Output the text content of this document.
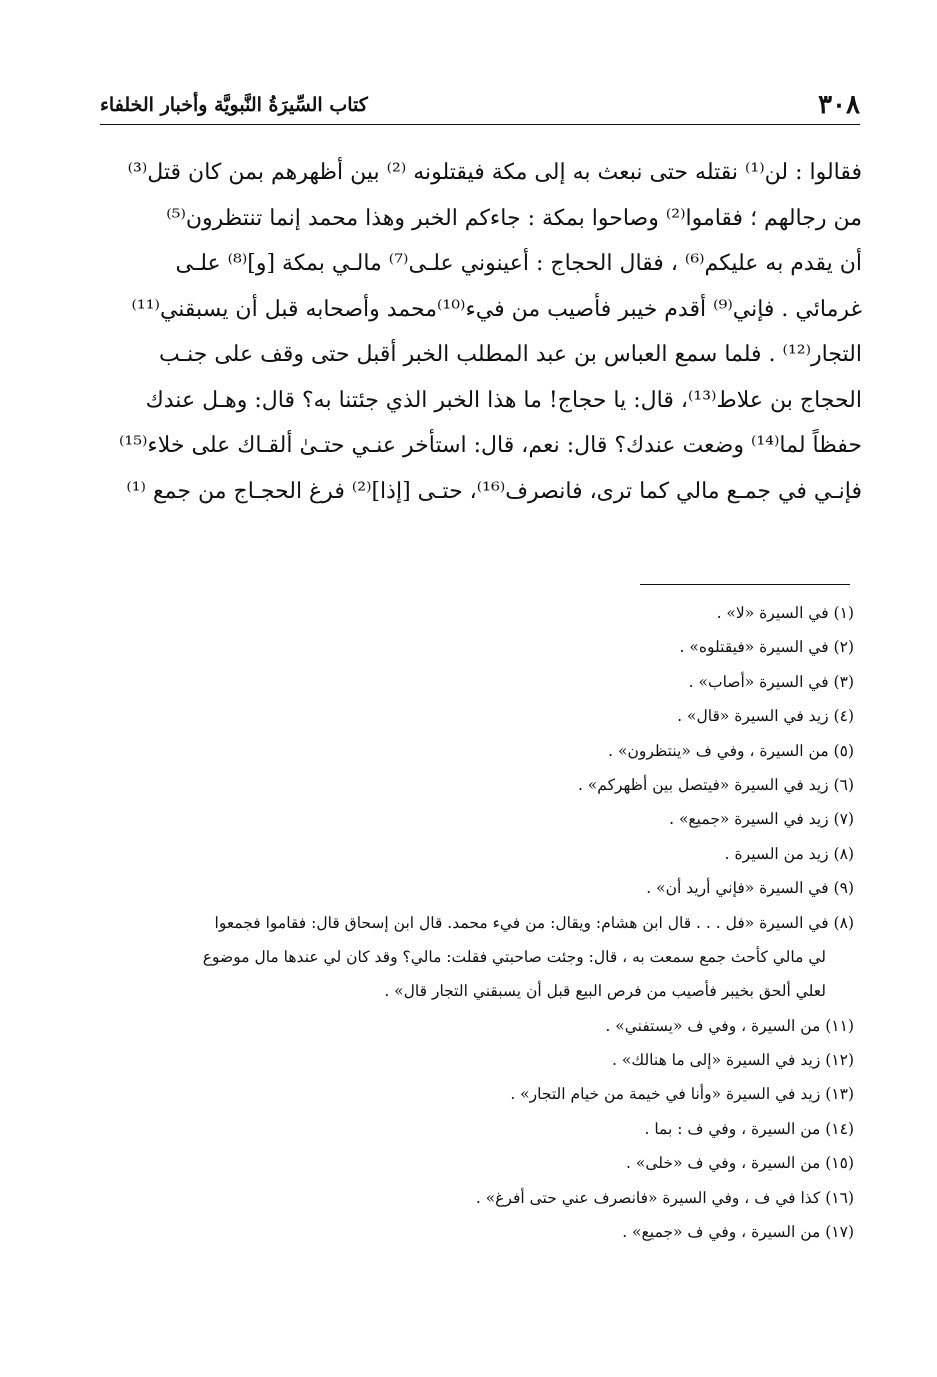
٣٠٨
كتاب السِّيرَةُ النَّبويَّة وأخبار الخلفاء
فقالوا : لن⁽¹⁾ نقتله حتى نبعث به إلى مكة فيقتلونه ⁽²⁾ بين أظهرهم بمن كان قتل⁽³⁾
من رجالهم ؛ فقاموا⁽²⁾ وصاحوا بمكة : جاءكم الخبر وهذا محمد إنما تنتظرون⁽⁵⁾
أن يقدم به عليكم⁽⁶⁾ ، فقال الحجاج : أعينوني علـى⁽⁷⁾ مالـي بمكة [و]⁽⁸⁾ علـى
غرمائي . فإني⁽⁹⁾ أقدم خيبر فأصيب من فيء⁽¹⁰⁾محمد وأصحابه قبل أن يسبقني⁽¹¹⁾
التجار⁽¹²⁾ . فلما سمع العباس بن عبد المطلب الخبر أقبل حتى وقف على جنـب
الحجاج بن علاط⁽¹³⁾، قال: يا حجاج! ما هذا الخبر الذي جئتنا به؟ قال: وهـل عندك
حفظاً لما⁽¹⁴⁾ وضعت عندك؟ قال: نعم، قال: استأخر عنـي حتـىٰ ألقـاك على خلاء⁽¹⁵⁾
فإنـي في جمـع مالي كما ترى، فانصرف⁽¹⁶⁾، حتـى [إذا]⁽²⁾ فرغ الحجـاج من جمع ⁽¹⁾
(١) في السيرة «لا» .
(٢) في السيرة «فيقتلوه» .
(٣) في السيرة «أصاب» .
(٤) زيد في السيرة «قال» .
(٥) من السيرة ، وفي ف «ينتظرون» .
(٦) زيد في السيرة «فيتصل بين أظهركم» .
(٧) زيد في السيرة «جميع» .
(٨) زيد من السيرة .
(٩) في السيرة «فإني أريد أن» .
(٨) في السيرة «فل . . . قال ابن هشام: ويقال: من فيء محمد. قال ابن إسحاق قال: فقاموا فجمعوا
لي مالي كأحث جمع سمعت به ، قال: وجئت صاحبتي فقلت: مالي؟ وقد كان لي عندها مال موضوع
لعلي ألحق بخيبر فأصيب من فرص البيع قبل أن يسبقني التجار قال» .
(١١) من السيرة ، وفي ف «يستفني» .
(١٢) زيد في السيرة «إلى ما هنالك» .
(١٣) زيد في السيرة «وأنا في خيمة من خيام التجار» .
(١٤) من السيرة ، وفي ف : بما .
(١٥) من السيرة ، وفي ف «خلى» .
(١٦) كذا في ف ، وفي السيرة «فانصرف عني حتى أفرغ» .
(١٧) من السيرة ، وفي ف «جميع» .
